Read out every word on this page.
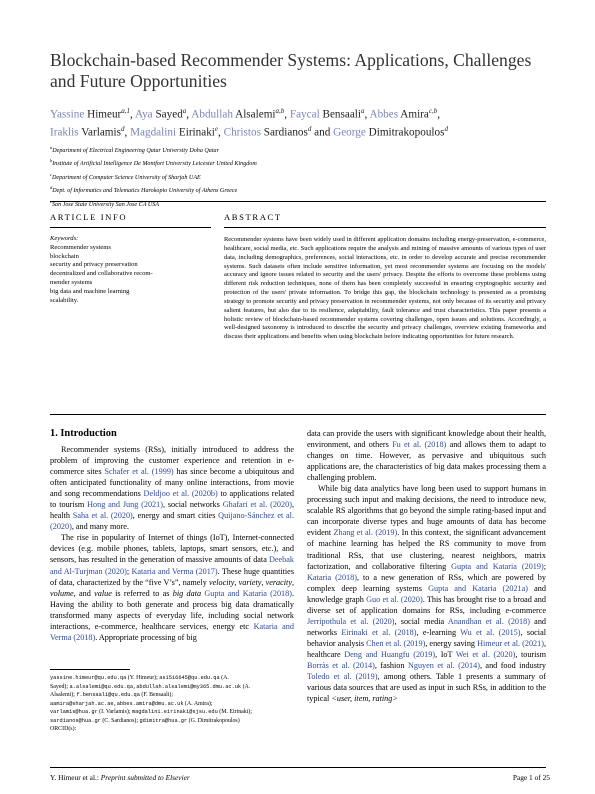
Blockchain-based Recommender Systems: Applications, Challenges
and Future Opportunities
Yassine Himeur$^{a,1}$, Aya Sayed$^a$, Abdullah Alsalemi$^{a,b}$, Faycal Bensaali$^a$, Abbes Amira$^{c,b}$,
Iraklis Varlamis$^d$, Magdalini Eirinaki$^e$, Christos Sardianos$^d$ and George Dimitrakopoulos$^d$
$^a$Department of Electrical Engineering Qatar University Doha Qatar
$^b$Institute of Artificial Intelligence De Montfort University Leicester United Kingdom
$^c$Department of Computer Science University of Sharjah UAE
$^d$Dept. of Informatics and Telematics Harokopio University of Athens Greece
$^e$San Jose State University San Jose CA USA
ARTICLE INFO	ABSTRACT
Keywords:
Recommender systems
blockchain
security and privacy preservation
decentralized and collaborative recom-
mender systems
big data and machine learning
scalability.
Recommender systems have been widely used in different application domains including energy-preservation, e-commerce, healthcare, social media, etc. Such applications require the analysis and mining of massive amounts of various types of user data, including demographics, preferences, social interactions, etc. in order to develop accurate and precise recommender systems. Such datasets often include sensitive information, yet most recommender systems are focusing on the models' accuracy and ignore issues related to security and the users' privacy. Despite the efforts to overcome these problems using different risk reduction techniques, none of them has been completely successful in ensuring cryptographic security and protection of the users' private information. To bridge this gap, the blockchain technology is presented as a promising strategy to promote security and privacy preservation in recommender systems, not only because of its security and privacy salient features, but also due to its resilience, adaptability, fault tolerance and trust characteristics. This paper presents a holistic review of blockchain-based recommender systems covering challenges, open issues and solutions. Accordingly, a well-designed taxonomy is introduced to describe the security and privacy challenges, overview existing frameworks and discuss their applications and benefits when using blockchain before indicating opportunities for future research.
1. Introduction

Recommender systems (RSs), initially introduced to address the problem of improving the customer experience and retention in e-commerce sites Schafer et al. (1999) has since become a ubiquitous and often anticipated functionality of many online interactions, from movie and song recommendations Deldjoo et al. (2020b) to applications related to tourism Hong and Jung (2021), social networks Ghafari et al. (2020), health Saha et al. (2020), energy and smart cities Quijano-Sánchez et al. (2020), and many more.

The rise in popularity of Internet of things (IoT), Internet-connected devices (e.g. mobile phones, tablets, laptops, smart sensors, etc.), and sensors, has resulted in the generation of massive amounts of data Deebak and Al-Turjman (2020); Kataria and Verma (2017). These huge quantities of data, characterized by the “five V’s”, namely velocity, variety, veracity, volume, and value is referred to as big data Gupta and Kataria (2018). Having the ability to both generate and process big data dramatically transformed many aspects of everyday life, including social network interactions, e-commerce, healthcare services, energy etc Kataria and Verma (2018). Appropriate processing of big

data can provide the users with significant knowledge about their health, environment, and others Fu et al. (2018) and allows them to adapt to changes on time. However, as pervasive and ubiquitous such applications are, the characteristics of big data makes processing them a challenging problem.

While big data analytics have long been used to support humans in processing such input and making decisions, the need to introduce new, scalable RS algorithms that go beyond the simple rating-based input and can incorporate diverse types and huge amounts of data has become evident Zhang et al. (2019). In this context, the significant advancement of machine learning has helped the RS community to move from traditional RSs, that use clustering, nearest neighbors, matrix factorization, and collaborative filtering Gupta and Kataria (2019); Kataria (2018), to a new generation of RSs, which are powered by complex deep learning systems Gupta and Kataria (2021a) and knowledge graph Guo et al. (2020). This has brought rise to a broad and diverse set of application domains for RSs, including e-commerce Jerripothula et al. (2020), social media Anandhan et al. (2018) and networks Eirinaki et al. (2018), e-learning Wu et al. (2015), social behavior analysis Chen et al. (2019), energy saving Himeur et al. (2021), healthcare Deng and Huangfu (2019), IoT Wei et al. (2020), tourism Borràs et al. (2014), fashion Nguyen et al. (2014), and food industry Toledo et al. (2019), among others. Table 1 presents a summary of various data sources that are used as input in such RSs, in addition to the typical <user, item, rating>

yassine.himeur@qu.edu.qa (Y. Himeur); as1516645@qu.edu.qa (A.
Sayed); a.alsalemi@qu.edu.qa,abdullah.alsalemi@my365.dmu.ac.uk (A.
Alsalemi); f.bensaali@qu.edu.qa (F. Bensaali);
aamira@sharjah.ac.ae,abbes.amira@dmu.ac.uk (A. Amira);
varlamis@hua.gr (I. Varlamis); magdalini.eirinaki@sjsu.edu (M. Eirinaki);
sardianos@hua.gr (C. Sardianos); gdimitra@hua.gr (G. Dimitrakopoulos)
ORCID(s):
Y. Himeur et al.: Preprint submitted to Elsevier	Page 1 of 25
